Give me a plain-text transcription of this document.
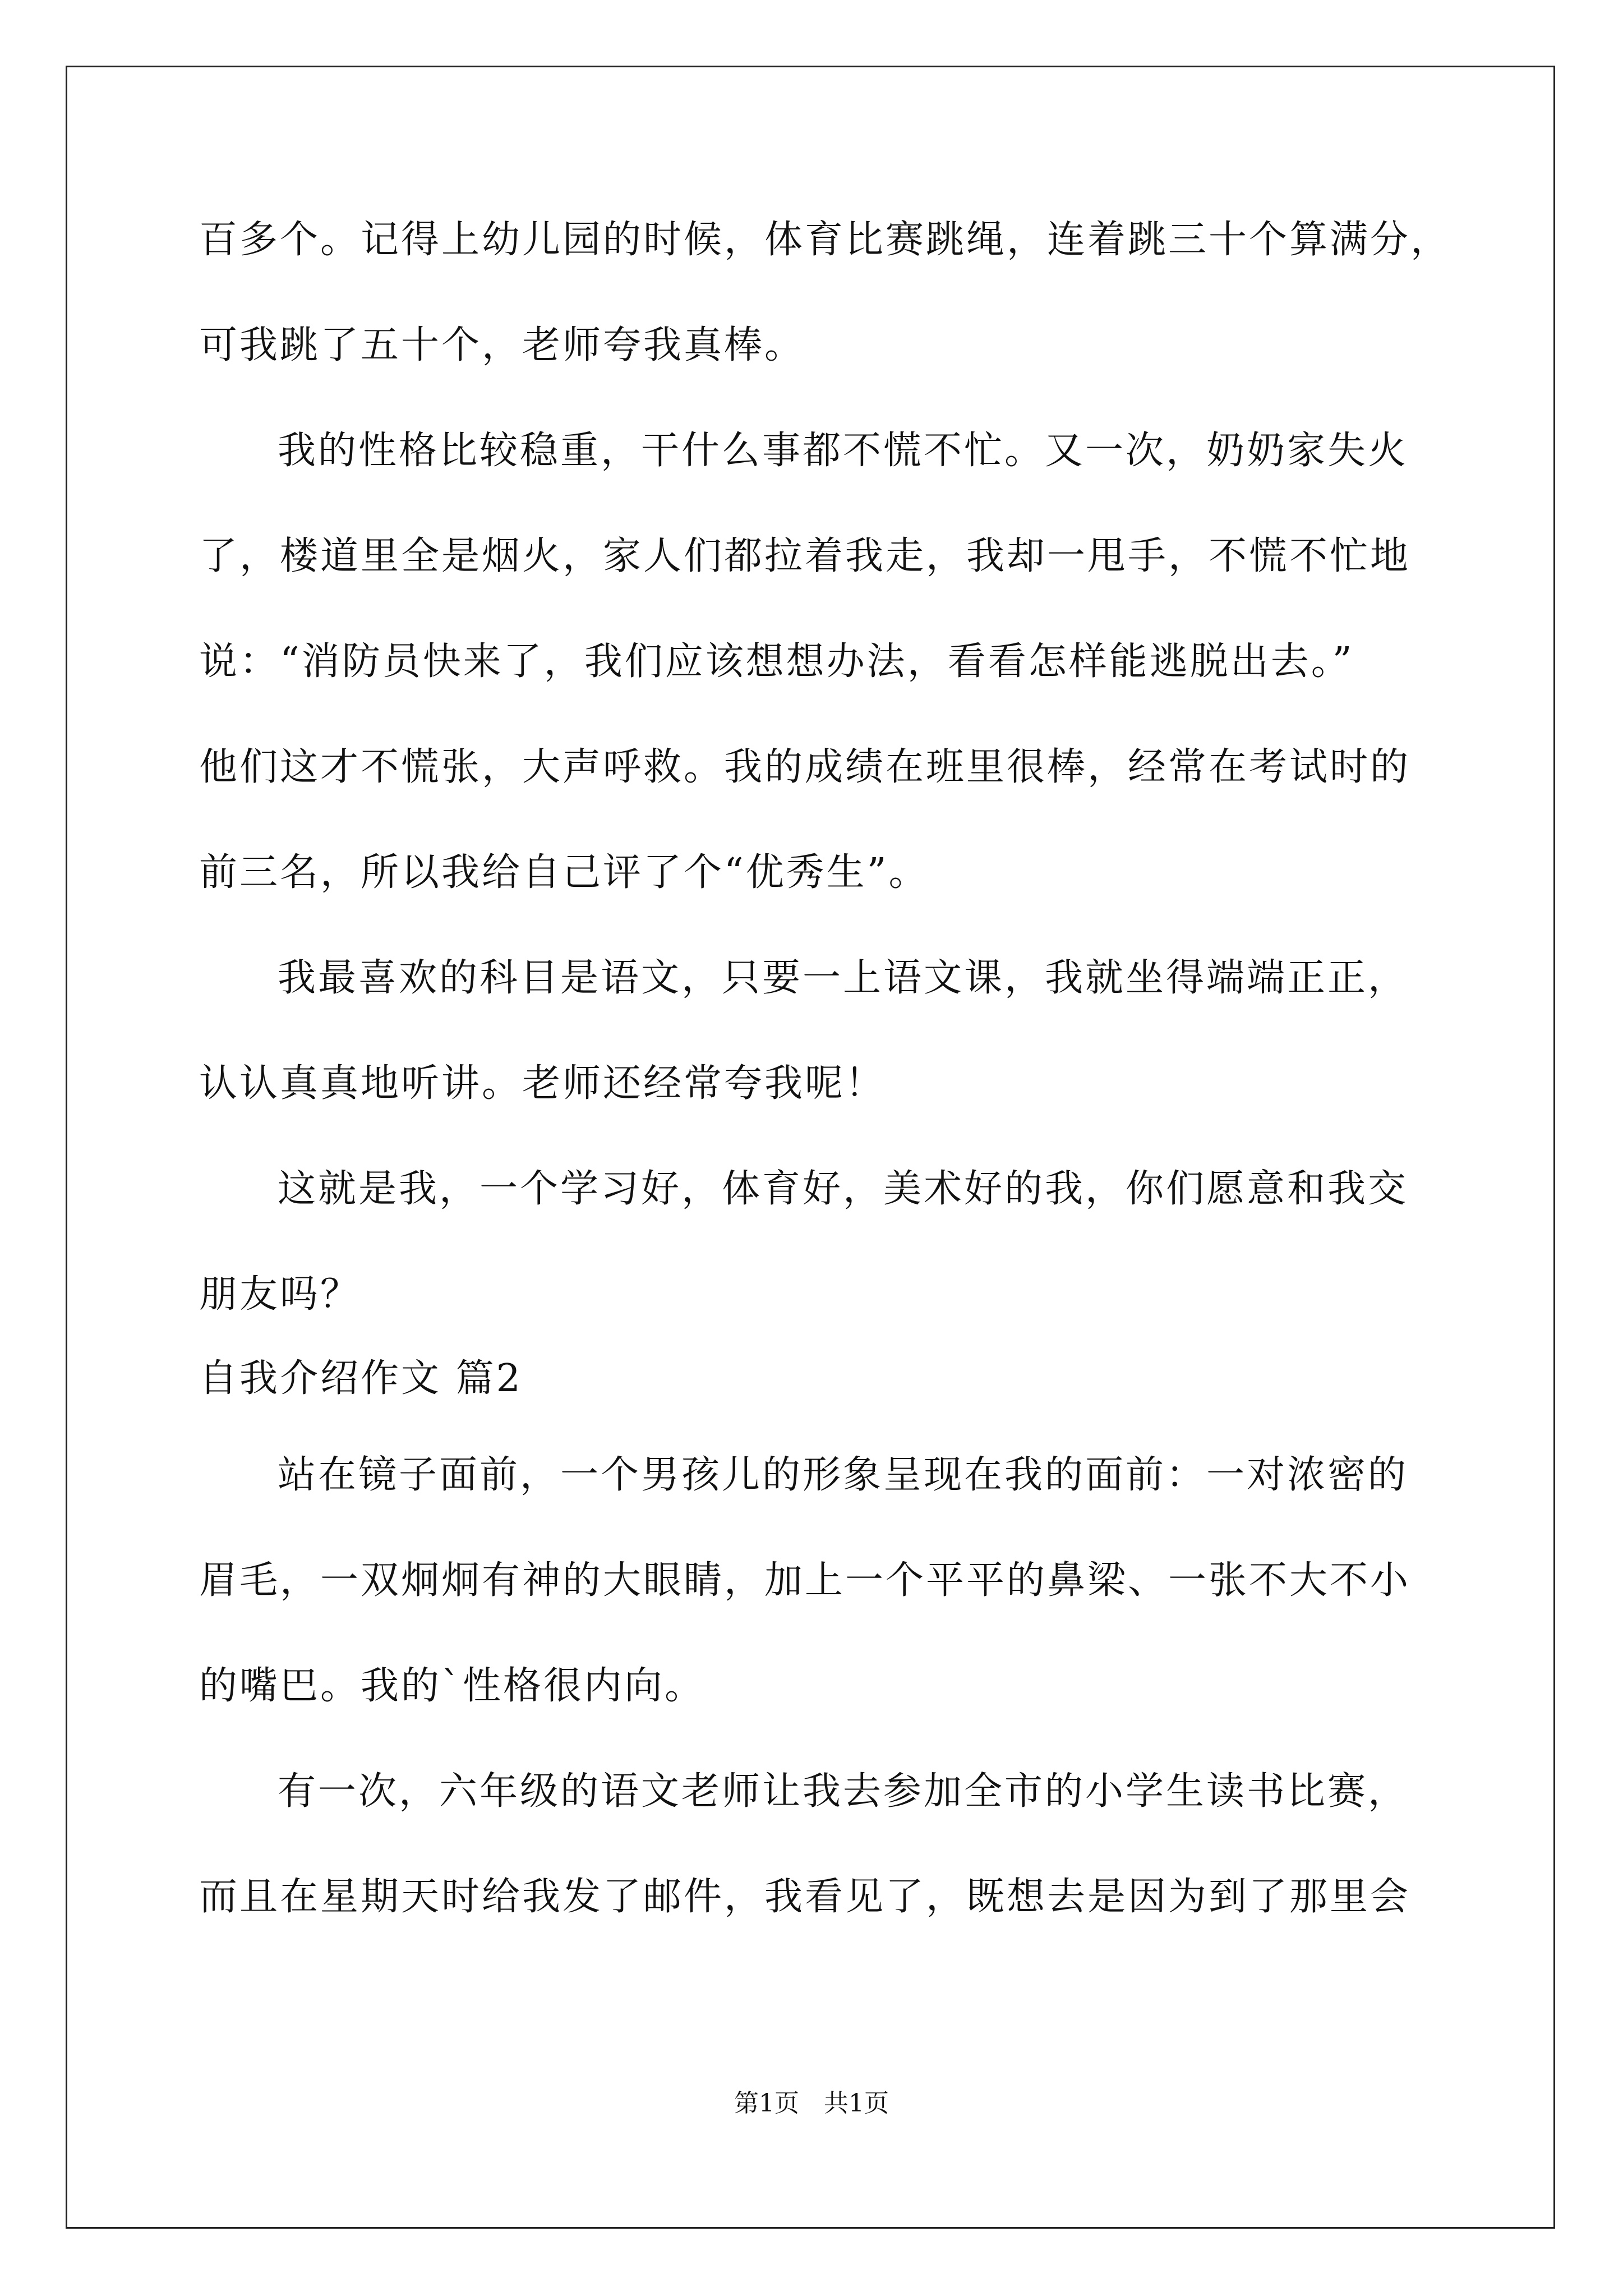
百多个。记得上幼儿园的时候，体育比赛跳绳，连着跳三十个算满分，
可我跳了五十个，老师夸我真棒。
我的性格比较稳重，干什么事都不慌不忙。又一次，奶奶家失火
了，楼道里全是烟火，家人们都拉着我走，我却一甩手，不慌不忙地
说：“消防员快来了，我们应该想想办法，看看怎样能逃脱出去。”
他们这才不慌张，大声呼救。我的成绩在班里很棒，经常在考试时的
前三名，所以我给自己评了个“优秀生”。
我最喜欢的科目是语文，只要一上语文课，我就坐得端端正正，
认认真真地听讲。老师还经常夸我呢！
这就是我，一个学习好，体育好，美术好的我，你们愿意和我交
朋友吗？
自我介绍作文 篇2
站在镜子面前，一个男孩儿的形象呈现在我的面前：一对浓密的
眉毛，一双炯炯有神的大眼睛，加上一个平平的鼻梁、一张不大不小
的嘴巴。我的`性格很内向。
有一次，六年级的语文老师让我去参加全市的小学生读书比赛，
而且在星期天时给我发了邮件，我看见了，既想去是因为到了那里会
第1页　共1页
